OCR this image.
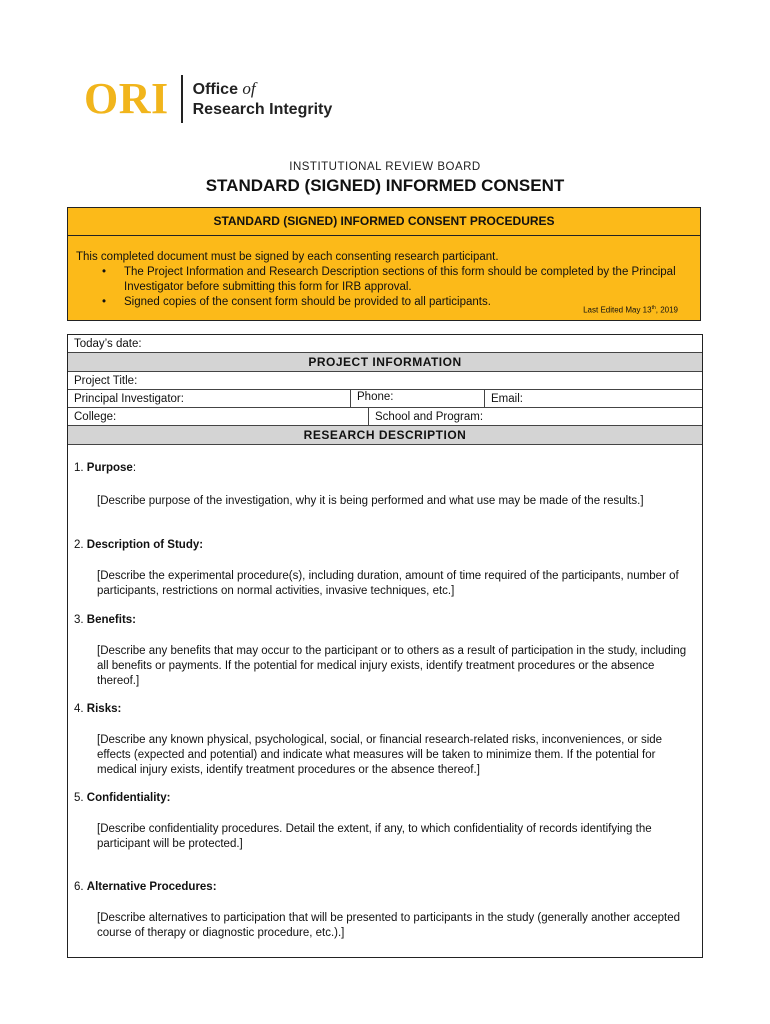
ORI Office of
Research Integrity
INSTITUTIONAL REVIEW BOARD
STANDARD (SIGNED) INFORMED CONSENT
STANDARD (SIGNED) INFORMED CONSENT PROCEDURES
This completed document must be signed by each consenting research participant.
• The Project Information and Research Description sections of this form should be completed by the Principal Investigator before submitting this form for IRB approval.
• Signed copies of the consent form should be provided to all participants.
Last Edited May 13th, 2019
Today’s date:
PROJECT INFORMATION
Project Title:
Principal Investigator:	Phone:	Email:
College:	School and Program:
RESEARCH DESCRIPTION
1. Purpose:
[Describe purpose of the investigation, why it is being performed and what use may be made of the results.]
2. Description of Study:
[Describe the experimental procedure(s), including duration, amount of time required of the participants, number of participants, restrictions on normal activities, invasive techniques, etc.]
3. Benefits:
[Describe any benefits that may occur to the participant or to others as a result of participation in the study, including all benefits or payments. If the potential for medical injury exists, identify treatment procedures or the absence thereof.]
4. Risks:
[Describe any known physical, psychological, social, or financial research-related risks, inconveniences, or side effects (expected and potential) and indicate what measures will be taken to minimize them. If the potential for medical injury exists, identify treatment procedures or the absence thereof.]
5. Confidentiality:
[Describe confidentiality procedures. Detail the extent, if any, to which confidentiality of records identifying the participant will be protected.]
6. Alternative Procedures:
[Describe alternatives to participation that will be presented to participants in the study (generally another accepted course of therapy or diagnostic procedure, etc.).]
